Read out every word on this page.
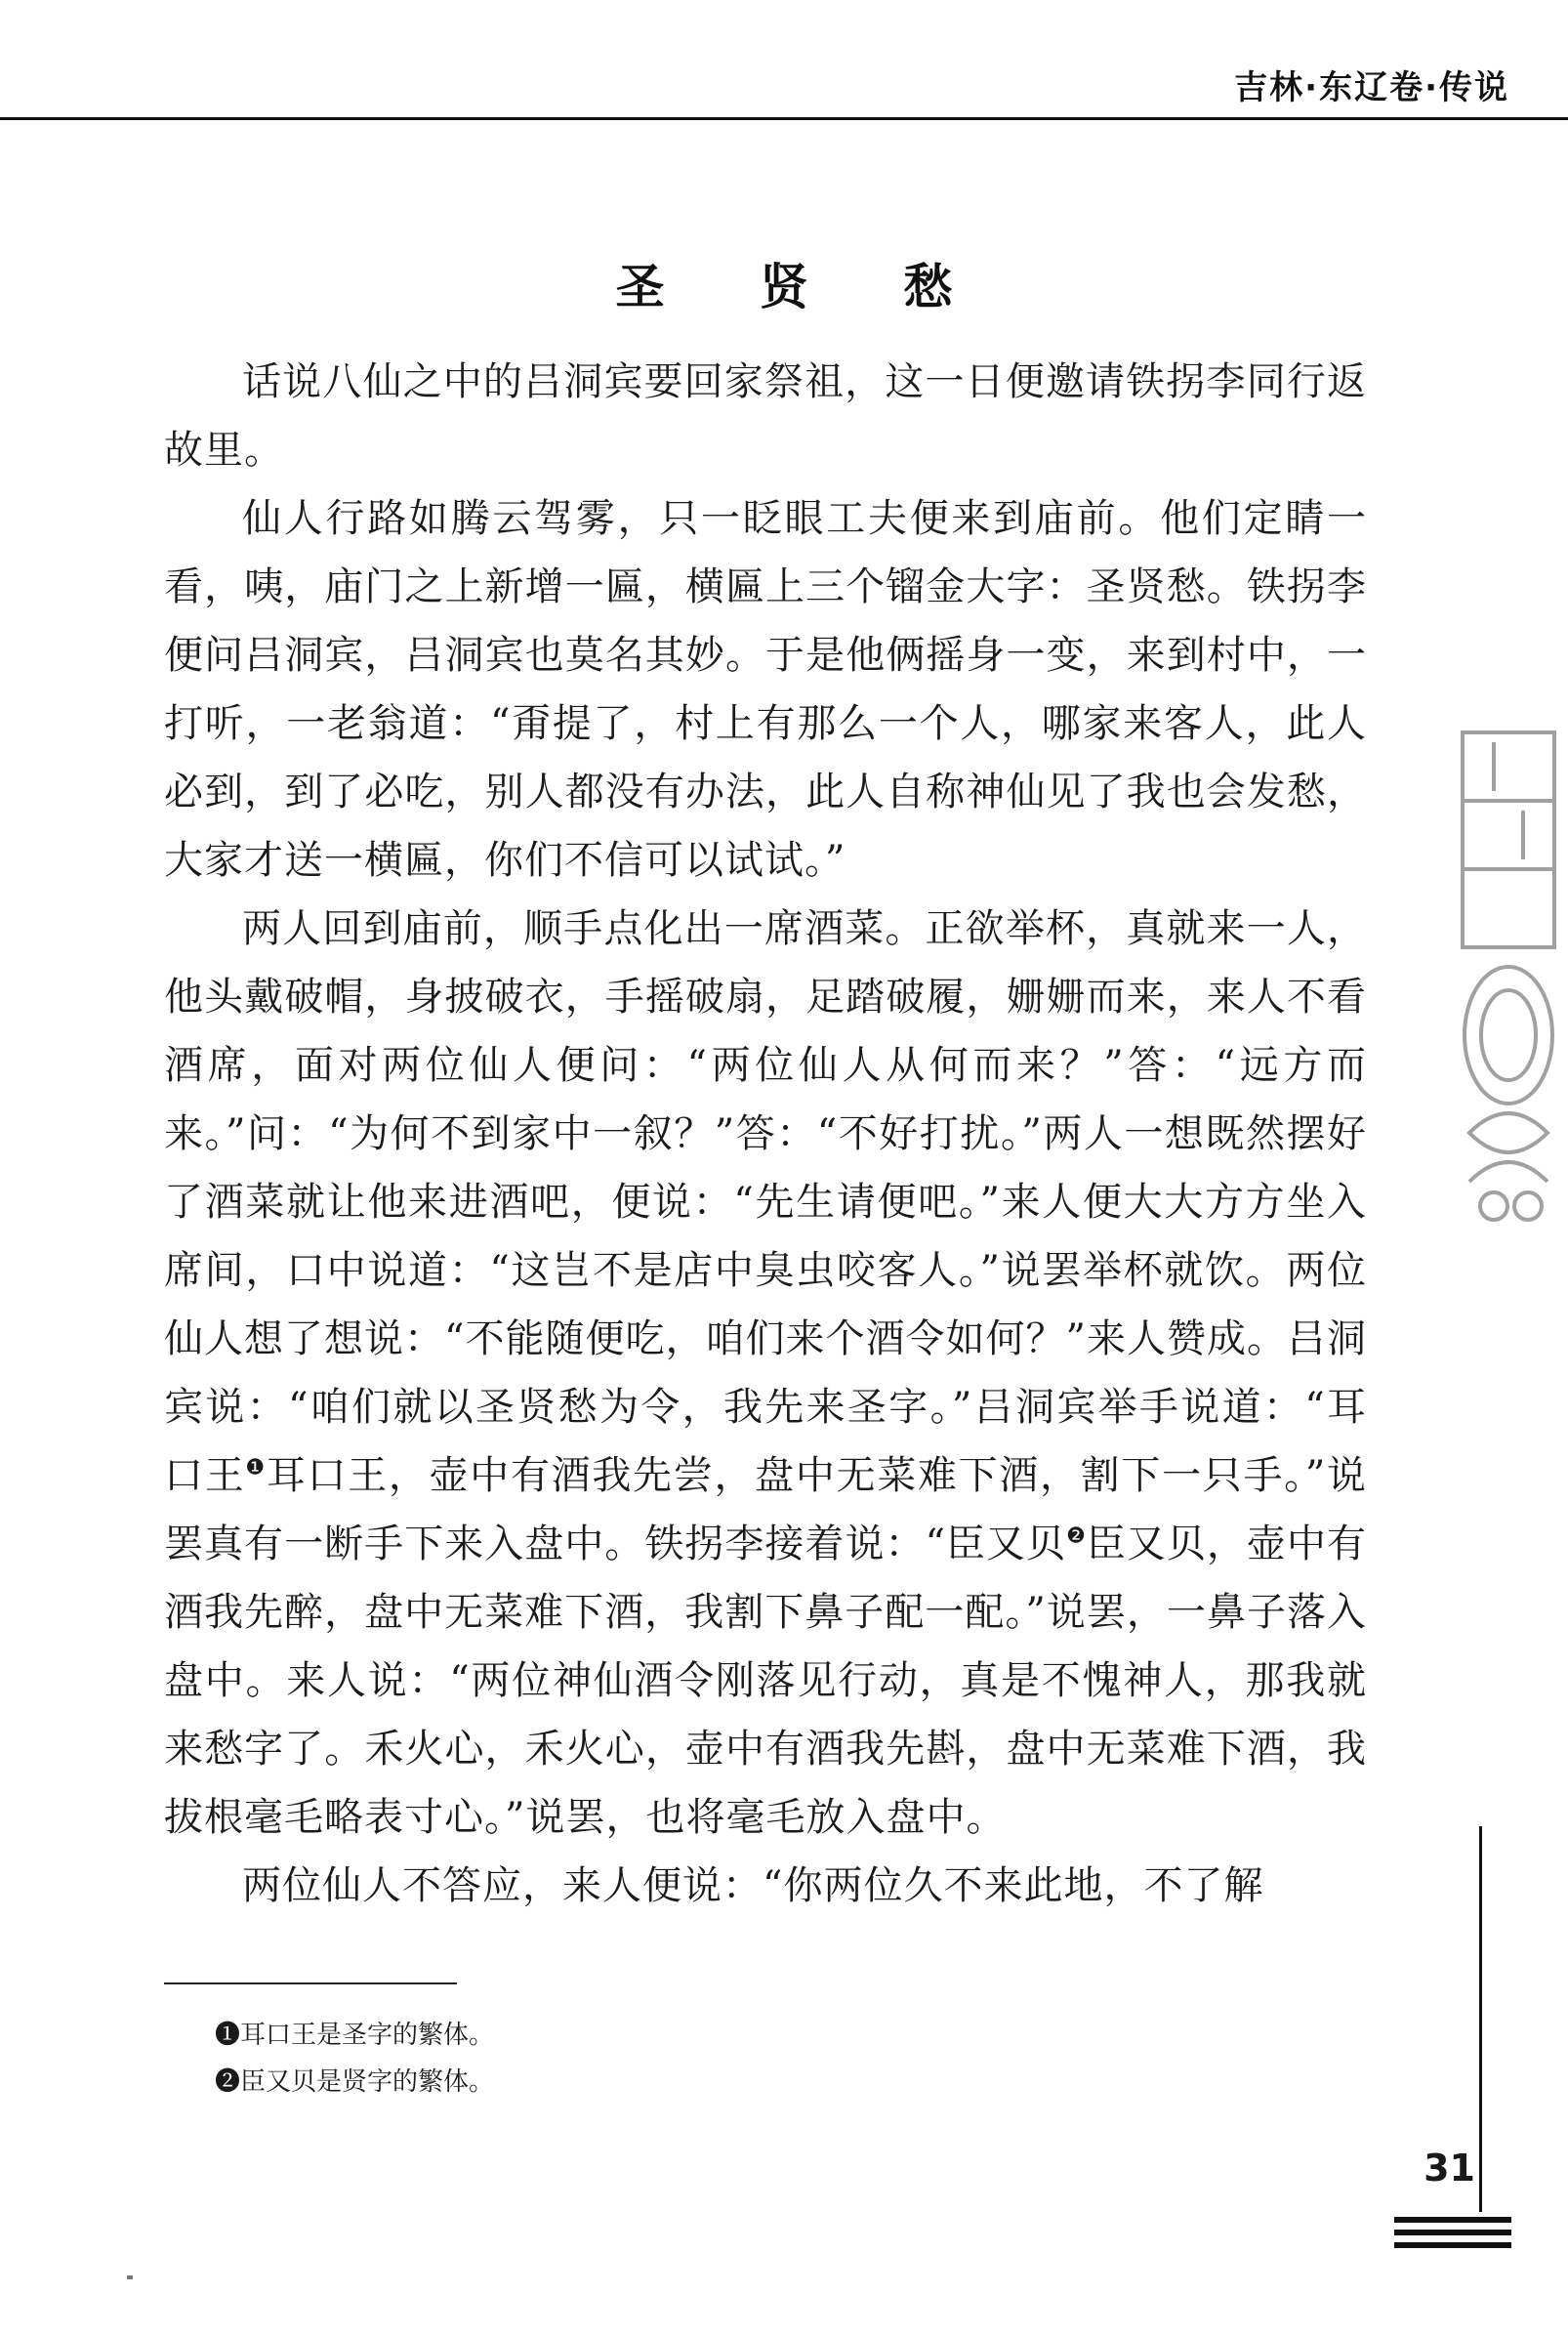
吉林·东辽卷·传说
圣 贤 愁

话说八仙之中的吕洞宾要回家祭祖，这一日便邀请铁拐李同行返故里。

仙人行路如腾云驾雾，只一眨眼工夫便来到庙前。他们定睛一看，咦，庙门之上新增一匾，横匾上三个镏金大字：圣贤愁。铁拐李便问吕洞宾，吕洞宾也莫名其妙。于是他俩摇身一变，来到村中，一打听，一老翁道：“甭提了，村上有那么一个人，哪家来客人，此人必到，到了必吃，别人都没有办法，此人自称神仙见了我也会发愁，大家才送一横匾，你们不信可以试试。”

两人回到庙前，顺手点化出一席酒菜。正欲举杯，真就来一人，他头戴破帽，身披破衣，手摇破扇，足踏破履，姗姗而来，来人不看酒席，面对两位仙人便问：“两位仙人从何而来？”答：“远方而来。”问：“为何不到家中一叙？”答：“不好打扰。”两人一想既然摆好了酒菜就让他来进酒吧，便说：“先生请便吧。”来人便大大方方坐入席间，口中说道：“这岂不是店中臭虫咬客人。”说罢举杯就饮。两位仙人想了想说：“不能随便吃，咱们来个酒令如何？”来人赞成。吕洞宾说：“咱们就以圣贤愁为令，我先来圣字。”吕洞宾举手说道：“耳口王$^❶$耳口王，壶中有酒我先尝，盘中无菜难下酒，割下一只手。”说罢真有一断手下来入盘中。铁拐李接着说：“臣又贝$^❷$臣又贝，壶中有酒我先醉，盘中无菜难下酒，我割下鼻子配一配。”说罢，一鼻子落入盘中。来人说：“两位神仙酒令刚落见行动，真是不愧神人，那我就来愁字了。禾火心，禾火心，壶中有酒我先斟，盘中无菜难下酒，我拔根毫毛略表寸心。”说罢，也将毫毛放入盘中。

两位仙人不答应，来人便说：“你两位久不来此地，不了解

❶耳口王是圣字的繁体。
❷臣又贝是贤字的繁体。
31
